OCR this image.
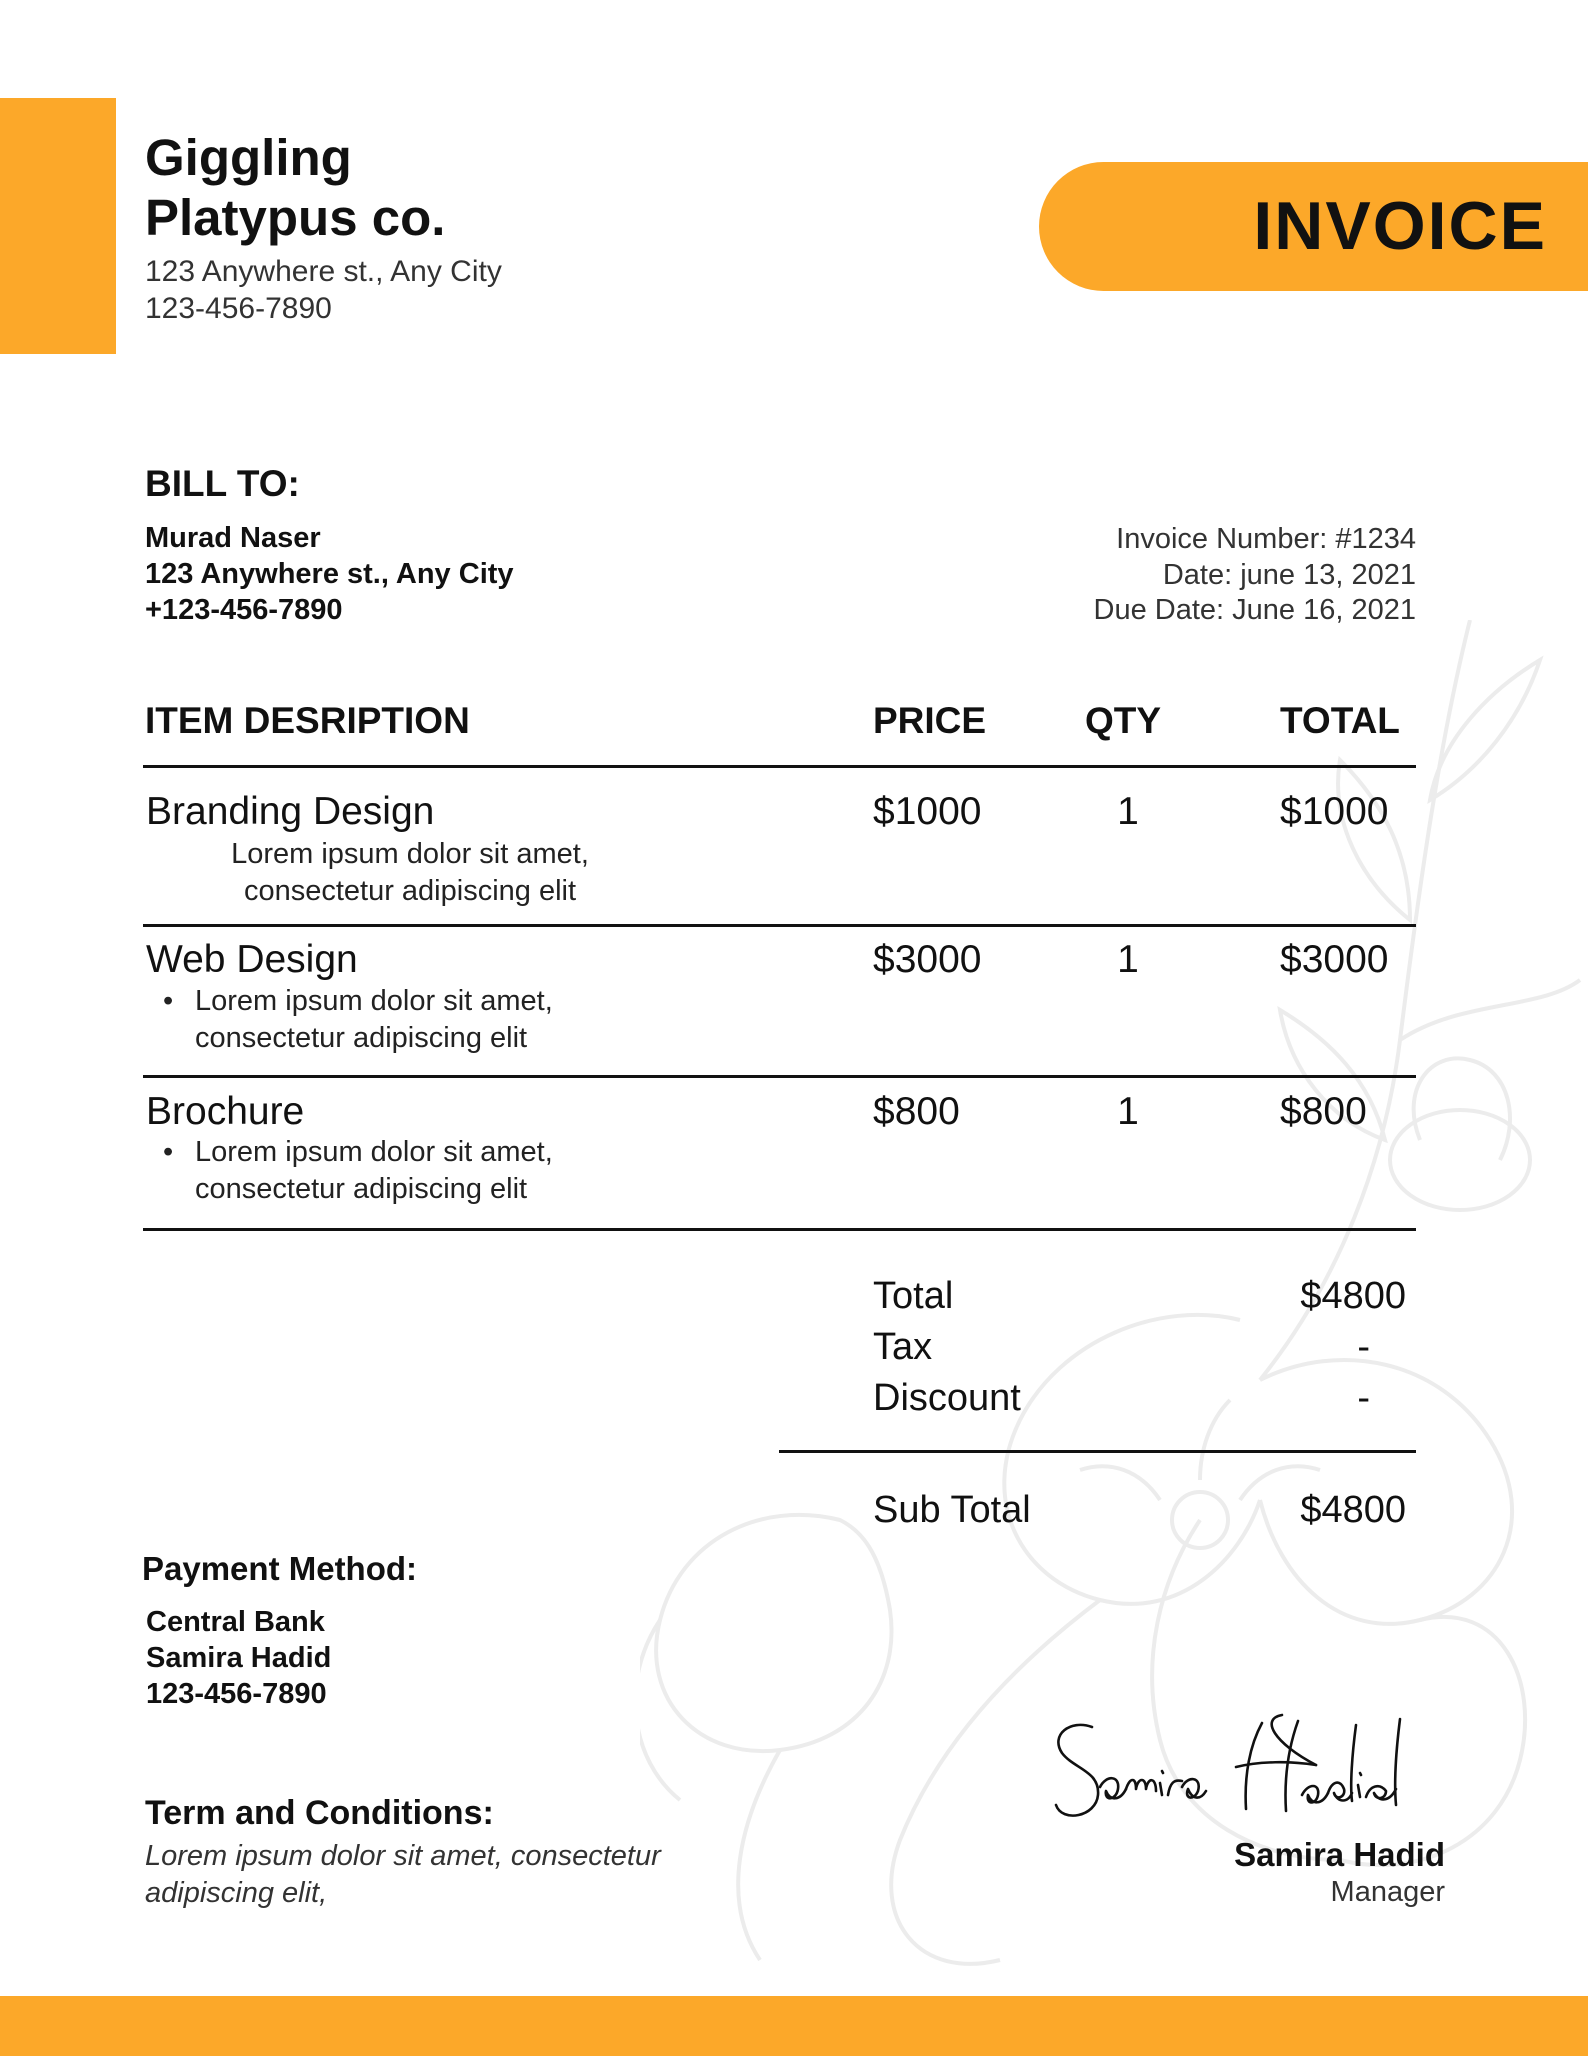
INVOICE
Giggling
Platypus co.
123 Anywhere st., Any City
123-456-7890
BILL TO:
Murad Naser
123 Anywhere st., Any City
+123-456-7890
Invoice Number: #1234
Date: june 13, 2021
Due Date: June 16, 2021
ITEM DESRIPTION	PRICE	QTY	TOTAL
Branding Design
Lorem ipsum dolor sit amet,
consectetur adipiscing elit
$1000	1	$1000
Web Design
• Lorem ipsum dolor sit amet,
consectetur adipiscing elit
$3000	1	$3000
Brochure
• Lorem ipsum dolor sit amet,
consectetur adipiscing elit
$800	1	$800
Total	$4800
Tax	-
Discount	-
Sub Total	$4800
Payment Method:
Central Bank
Samira Hadid
123-456-7890
Term and Conditions:
Lorem ipsum dolor sit amet, consectetur adipiscing elit,
Samira Hadid
Manager
